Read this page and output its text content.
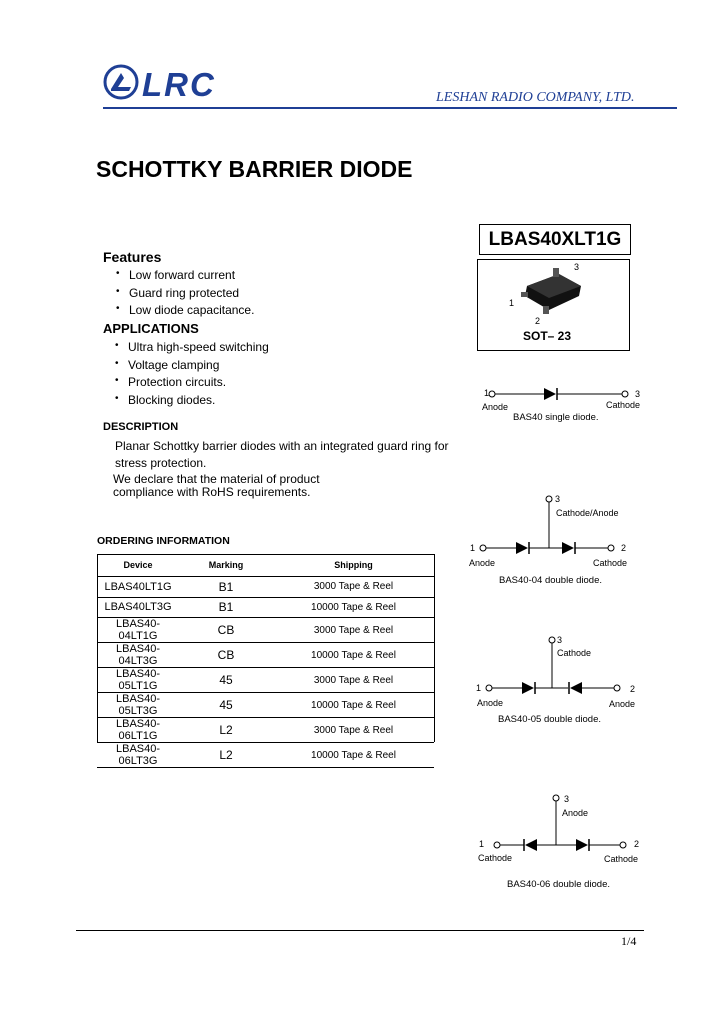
LRC	LESHAN RADIO COMPANY, LTD.
SCHOTTKY BARRIER DIODE
LBAS40XLT1G
3
1
2
SOT– 23
Features
• Low forward current
• Guard ring protected
• Low diode capacitance.
APPLICATIONS
• Ultra high-speed switching
• Voltage clamping
• Protection circuits.
• Blocking diodes.
DESCRIPTION
Planar Schottky barrier diodes with an integrated guard ring for
stress protection.
We declare that the material of product
compliance with RoHS requirements.
ORDERING INFORMATION
Device	Marking	Shipping
LBAS40LT1G	B1	3000 Tape & Reel
LBAS40LT3G	B1	10000 Tape & Reel
LBAS40-04LT1G	CB	3000 Tape & Reel
LBAS40-04LT3G	CB	10000 Tape & Reel
LBAS40-05LT1G	45	3000 Tape & Reel
LBAS40-05LT3G	45	10000 Tape & Reel
LBAS40-06LT1G	L2	3000 Tape & Reel
LBAS40-06LT3G	L2	10000 Tape & Reel
1	3
Anode	Cathode
BAS40 single diode.
3
Cathode/Anode
1	2
Anode	Cathode
BAS40-04 double diode.
3
Cathode
1	2
Anode	Anode
BAS40-05 double diode.
3
Anode
1	2
Cathode	Cathode
BAS40-06 double diode.
1/4
